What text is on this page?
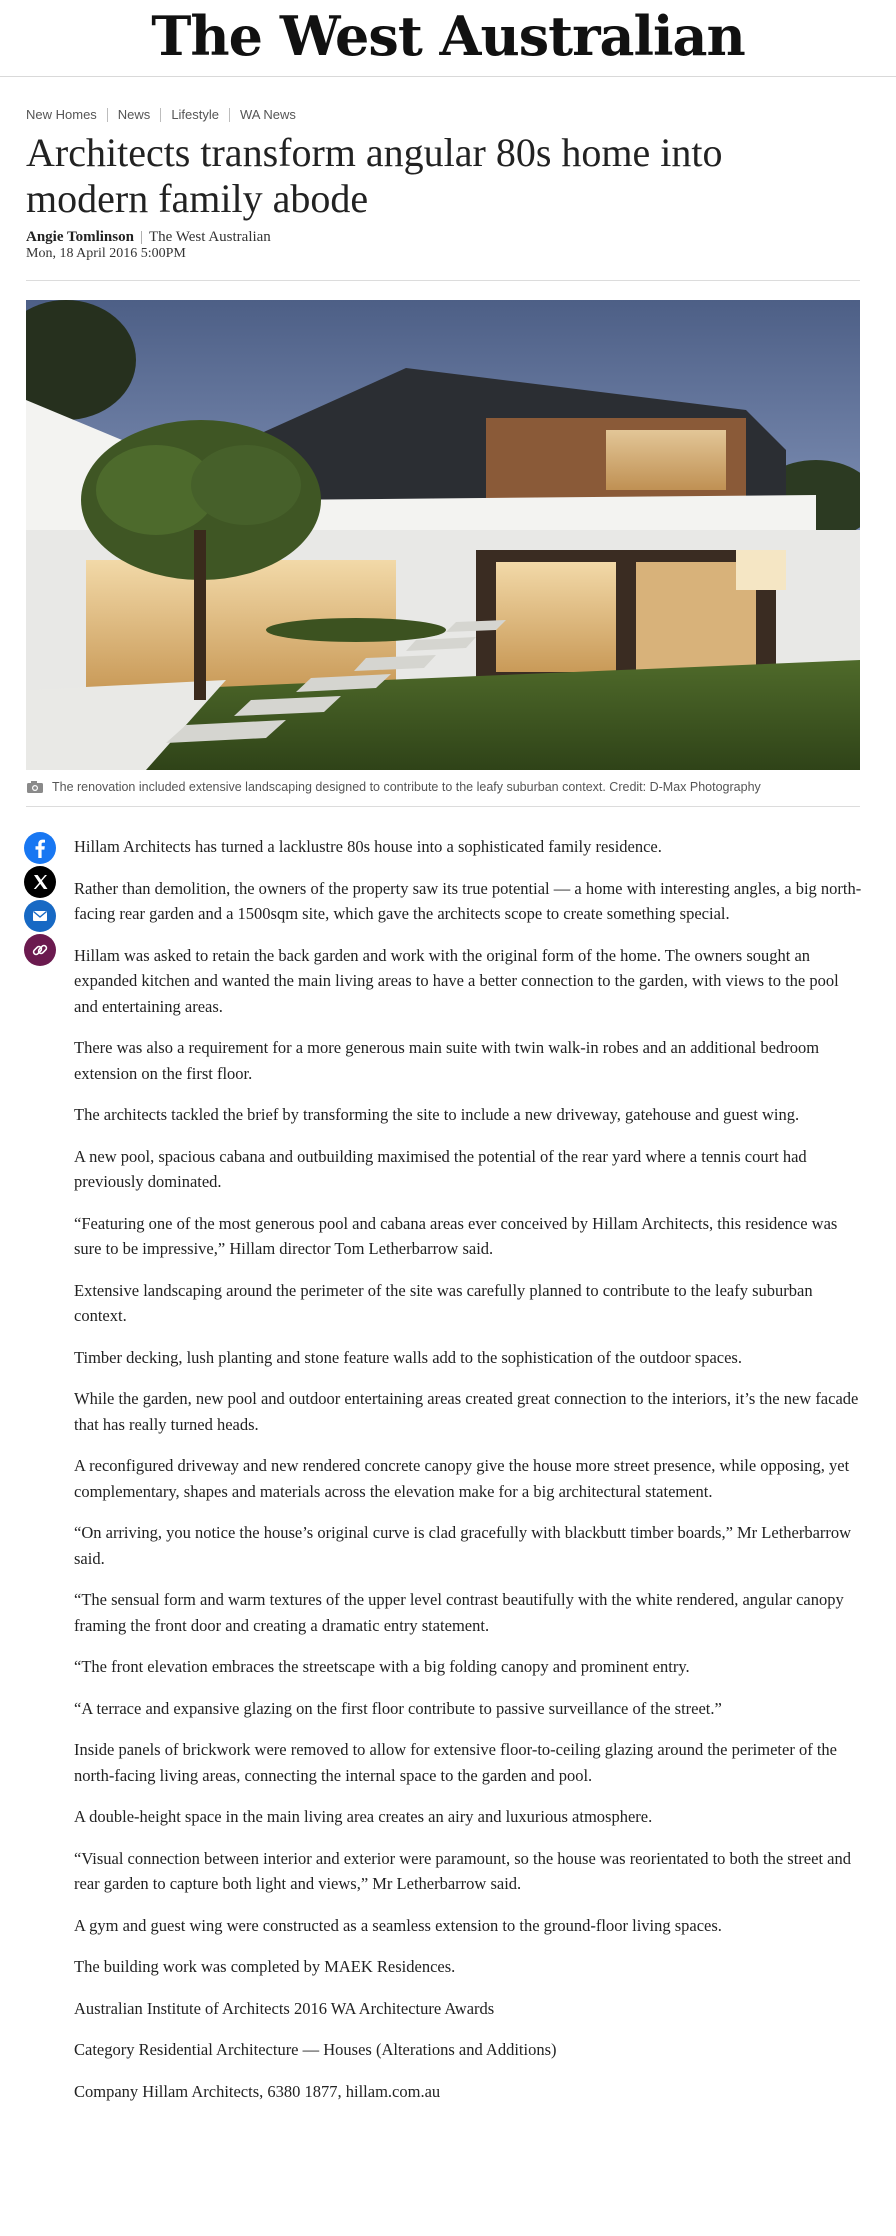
The West Australian
New Homes	News	Lifestyle	WA News
Architects transform angular 80s home into modern family abode
Angie Tomlinson | The West Australian
Mon, 18 April 2016 5:00PM
The renovation included extensive landscaping designed to contribute to the leafy suburban context. Credit: D-Max Photography

Hillam Architects has turned a lacklustre 80s house into a sophisticated family residence.

Rather than demolition, the owners of the property saw its true potential — a home with interesting angles, a big north-facing rear garden and a 1500sqm site, which gave the architects scope to create something special.

Hillam was asked to retain the back garden and work with the original form of the home. The owners sought an expanded kitchen and wanted the main living areas to have a better connection to the garden, with views to the pool and entertaining areas.

There was also a requirement for a more generous main suite with twin walk-in robes and an additional bedroom extension on the first floor.

The architects tackled the brief by transforming the site to include a new driveway, gatehouse and guest wing.

A new pool, spacious cabana and outbuilding maximised the potential of the rear yard where a tennis court had previously dominated.

“Featuring one of the most generous pool and cabana areas ever conceived by Hillam Architects, this residence was sure to be impressive,” Hillam director Tom Letherbarrow said.

Extensive landscaping around the perimeter of the site was carefully planned to contribute to the leafy suburban context.

Timber decking, lush planting and stone feature walls add to the sophistication of the outdoor spaces.

While the garden, new pool and outdoor entertaining areas created great connection to the interiors, it’s the new facade that has really turned heads.

A reconfigured driveway and new rendered concrete canopy give the house more street presence, while opposing, yet complementary, shapes and materials across the elevation make for a big architectural statement.

“On arriving, you notice the house’s original curve is clad gracefully with blackbutt timber boards,” Mr Letherbarrow said.

“The sensual form and warm textures of the upper level contrast beautifully with the white rendered, angular canopy framing the front door and creating a dramatic entry statement.

“The front elevation embraces the streetscape with a big folding canopy and prominent entry.

“A terrace and expansive glazing on the first floor contribute to passive surveillance of the street.”

Inside panels of brickwork were removed to allow for extensive floor-to-ceiling glazing around the perimeter of the north-facing living areas, connecting the internal space to the garden and pool.

A double-height space in the main living area creates an airy and luxurious atmosphere.

“Visual connection between interior and exterior were paramount, so the house was reorientated to both the street and rear garden to capture both light and views,” Mr Letherbarrow said.

A gym and guest wing were constructed as a seamless extension to the ground-floor living spaces.

The building work was completed by MAEK Residences.

Australian Institute of Architects 2016 WA Architecture Awards

Category Residential Architecture — Houses (Alterations and Additions)

Company Hillam Architects, 6380 1877, hillam.com.au
